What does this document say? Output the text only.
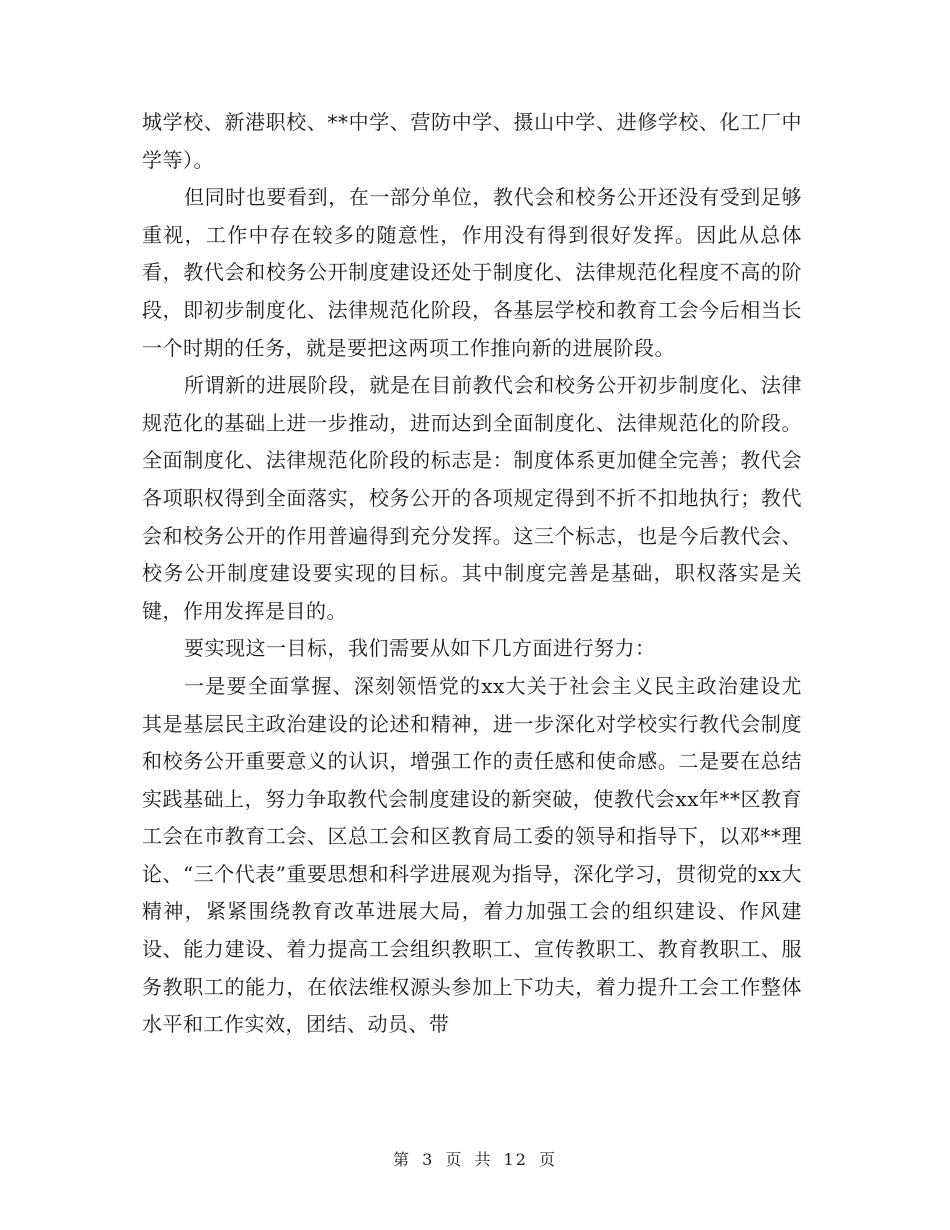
城学校、新港职校、**中学、营防中学、摄山中学、进修学校、化工厂中学等）。

但同时也要看到，在一部分单位，教代会和校务公开还没有受到足够重视，工作中存在较多的随意性，作用没有得到很好发挥。因此从总体看，教代会和校务公开制度建设还处于制度化、法律规范化程度不高的阶段，即初步制度化、法律规范化阶段，各基层学校和教育工会今后相当长一个时期的任务，就是要把这两项工作推向新的进展阶段。

所谓新的进展阶段，就是在目前教代会和校务公开初步制度化、法律规范化的基础上进一步推动，进而达到全面制度化、法律规范化的阶段。全面制度化、法律规范化阶段的标志是：制度体系更加健全完善；教代会各项职权得到全面落实，校务公开的各项规定得到不折不扣地执行；教代会和校务公开的作用普遍得到充分发挥。这三个标志，也是今后教代会、校务公开制度建设要实现的目标。其中制度完善是基础，职权落实是关键，作用发挥是目的。

要实现这一目标，我们需要从如下几方面进行努力：

一是要全面掌握、深刻领悟党的xx大关于社会主义民主政治建设尤其是基层民主政治建设的论述和精神，进一步深化对学校实行教代会制度和校务公开重要意义的认识，增强工作的责任感和使命感。二是要在总结实践基础上，努力争取教代会制度建设的新突破，使教代会xx年**区教育工会在市教育工会、区总工会和区教育局工委的领导和指导下，以邓**理论、“三个代表”重要思想和科学进展观为指导，深化学习，贯彻党的xx大精神，紧紧围绕教育改革进展大局，着力加强工会的组织建设、作风建设、能力建设、着力提高工会组织教职工、宣传教职工、教育教职工、服务教职工的能力，在依法维权源头参加上下功夫，着力提升工会工作整体水平和工作实效，团结、动员、带

第 3 页 共 12 页
